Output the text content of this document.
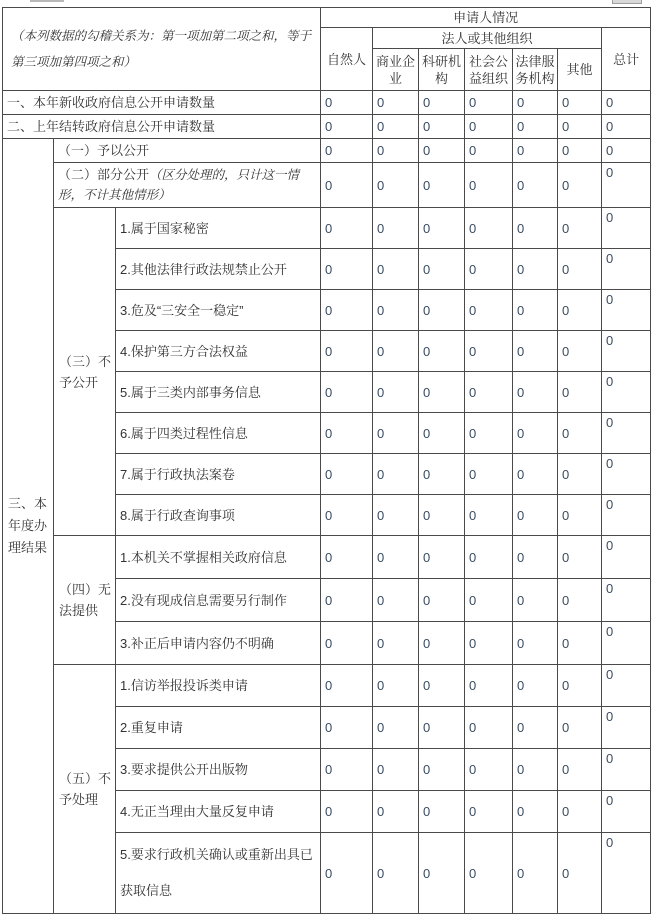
（本列数据的勾稽关系为：第一项加第二项之和，等于第三项加第四项之和）			申请人情况						
			自然人	法人或其他组织					总计
				商业企业	科研机构	社会公益组织	法律服务机构	其他	
一、本年新收政府信息公开申请数量			0	0	0	0	0	0	0
二、上年结转政府信息公开申请数量			0	0	0	0	0	0	0
三、本年度办理结果	（一）予以公开		0	0	0	0	0	0	0
	（二）部分公开（区分处理的，只计这一情形，不计其他情形）		0	0	0	0	0	0	0
	（三）不予公开	1.属于国家秘密	0	0	0	0	0	0	0
		2.其他法律行政法规禁止公开	0	0	0	0	0	0	0
		3.危及“三安全一稳定”	0	0	0	0	0	0	0
		4.保护第三方合法权益	0	0	0	0	0	0	0
		5.属于三类内部事务信息	0	0	0	0	0	0	0
		6.属于四类过程性信息	0	0	0	0	0	0	0
		7.属于行政执法案卷	0	0	0	0	0	0	0
		8.属于行政查询事项	0	0	0	0	0	0	0
	（四）无法提供	1.本机关不掌握相关政府信息	0	0	0	0	0	0	0
		2.没有现成信息需要另行制作	0	0	0	0	0	0	0
		3.补正后申请内容仍不明确	0	0	0	0	0	0	0
	（五）不予处理	1.信访举报投诉类申请	0	0	0	0	0	0	0
		2.重复申请	0	0	0	0	0	0	0
		3.要求提供公开出版物	0	0	0	0	0	0	0
		4.无正当理由大量反复申请	0	0	0	0	0	0	0
		5.要求行政机关确认或重新出具已获取信息	0	0	0	0	0	0	0
